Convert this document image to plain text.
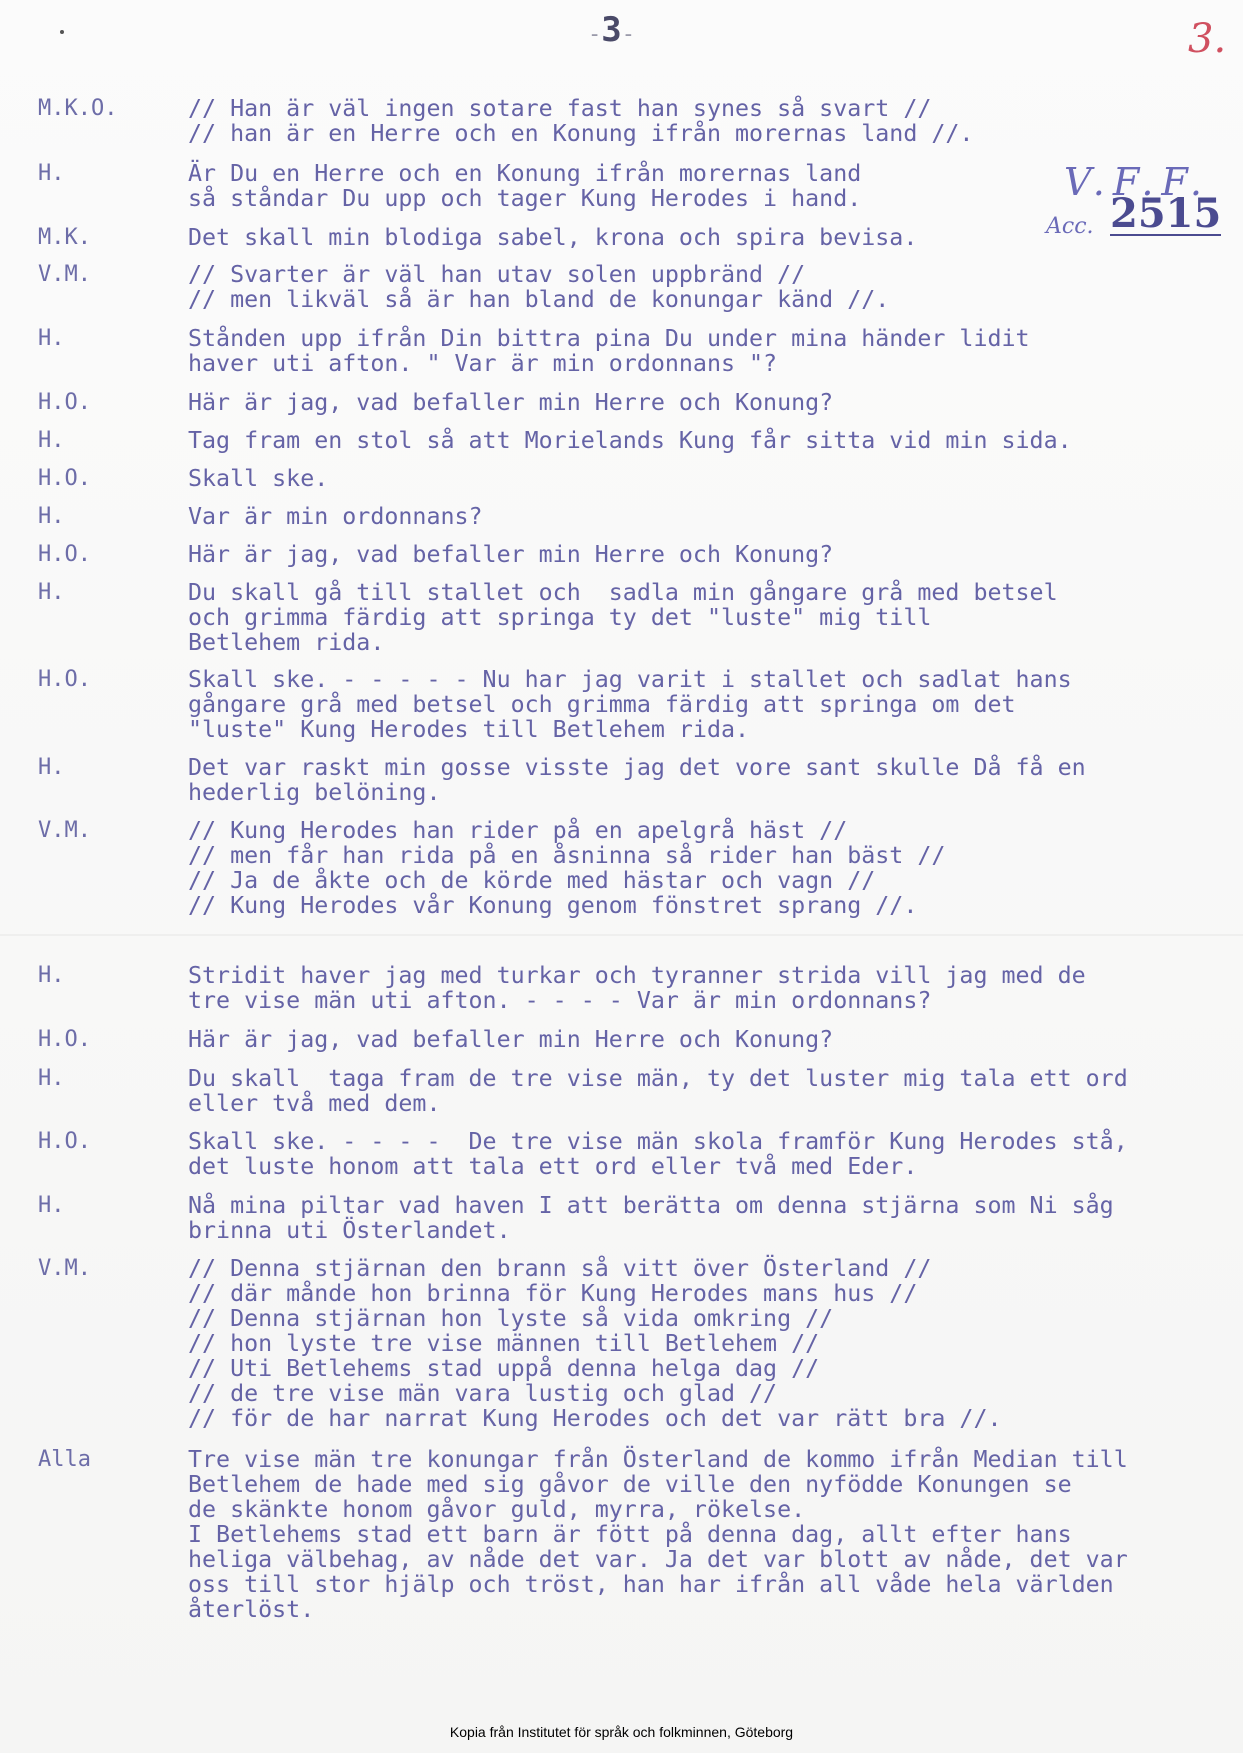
-3-	3.
V.F.F.
Acc. 2515
M.K.O.	// Han är väl ingen sotare fast han synes så svart //
// han är en Herre och en Konung ifrån morernas land //.
H.	Är Du en Herre och en Konung ifrån morernas land
så ståndar Du upp och tager Kung Herodes i hand.
M.K.	Det skall min blodiga sabel, krona och spira bevisa.
V.M.	// Svarter är väl han utav solen uppbränd //
// men likväl så är han bland de konungar känd //.
H.	Stånden upp ifrån Din bittra pina Du under mina händer lidit
haver uti afton. " Var är min ordonnans "?
H.O.	Här är jag, vad befaller min Herre och Konung?
H.	Tag fram en stol så att Morielands Kung får sitta vid min sida.
H.O.	Skall ske.
H.	Var är min ordonnans?
H.O.	Här är jag, vad befaller min Herre och Konung?
H.	Du skall gå till stallet och  sadla min gångare grå med betsel
och grimma färdig att springa ty det "luste" mig till
Betlehem rida.
H.O.	Skall ske. - - - - - Nu har jag varit i stallet och sadlat hans
gångare grå med betsel och grimma färdig att springa om det
"luste" Kung Herodes till Betlehem rida.
H.	Det var raskt min gosse visste jag det vore sant skulle Då få en
hederlig belöning.
V.M.	// Kung Herodes han rider på en apelgrå häst //
// men får han rida på en åsninna så rider han bäst //
// Ja de åkte och de körde med hästar och vagn //
// Kung Herodes vår Konung genom fönstret sprang //.
H.	Stridit haver jag med turkar och tyranner strida vill jag med de
tre vise män uti afton. - - - - Var är min ordonnans?
H.O.	Här är jag, vad befaller min Herre och Konung?
H.	Du skall  taga fram de tre vise män, ty det luster mig tala ett ord
eller två med dem.
H.O.	Skall ske. - - - -  De tre vise män skola framför Kung Herodes stå,
det luste honom att tala ett ord eller två med Eder.
H.	Nå mina piltar vad haven I att berätta om denna stjärna som Ni såg
brinna uti Österlandet.
V.M.	// Denna stjärnan den brann så vitt över Österland //
// där månde hon brinna för Kung Herodes mans hus //
// Denna stjärnan hon lyste så vida omkring //
// hon lyste tre vise männen till Betlehem //
// Uti Betlehems stad uppå denna helga dag //
// de tre vise män vara lustig och glad //
// för de har narrat Kung Herodes och det var rätt bra //.
Alla	Tre vise män tre konungar från Österland de kommo ifrån Median till
Betlehem de hade med sig gåvor de ville den nyfödde Konungen se
de skänkte honom gåvor guld, myrra, rökelse.
I Betlehems stad ett barn är fött på denna dag, allt efter hans
heliga välbehag, av nåde det var. Ja det var blott av nåde, det var
oss till stor hjälp och tröst, han har ifrån all våde hela världen
återlöst.
Kopia från Institutet för språk och folkminnen, Göteborg
